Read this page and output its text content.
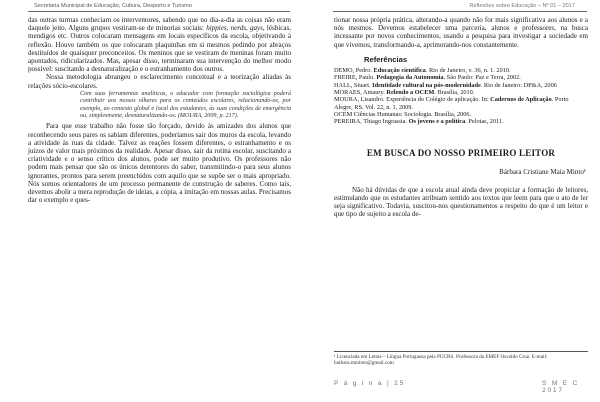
Secretaria Municipal de Educação, Cultura, Desporto e Turismo	Reflexões sobre Educação – Nº 01 – 2017

das outras turmas conheciam os interventores, sabendo que no dia-a-dia as coisas não eram daquele jeito. Alguns grupos vestiram-se de minorias sociais: hippies, nerds, gays, lésbicas, mendigos etc. Outros colocaram mensagens em locais específicos da escola, objetivando à reflexão. Houve também os que colocaram plaquinhas em si mesmos pedindo por abraços destituídos de quaisquer preconceitos. Os meninos que se vestiram de meninas foram muito apontados, ridicularizados. Mas, apesar disso, terminaram sua intervenção do melhor modo possível: suscitando a desnaturalização e o estranhamento dos outros.

Nossa metodologia abrangeu o esclarecimento conceitual e a teorização aliadas às relações sócio-escolares.

Com suas ferramentas analíticas, o educador com formação sociológica poderá contribuir aos nossos olhares para os conteúdos escolares, relacionando-os, por exemplo, ao contexto global e local dos estudantes, às suas condições de emergência ou, simplesmente, desnaturalizando-os. (MOURA, 2009, p. 217).

Para que esse trabalho não fosse tão forçado, devido às amizades dos alunos que reconhecendo seus pares os sabiam diferentes, poderíamos sair dos muros da escola, levando a atividade às ruas da cidade. Talvez as reações fossem diferentes, o estranhamento e os juízos de valor mais próximos da realidade. Apesar disso, sair da rotina escolar, suscitando a criatividade e o senso crítico dos alunos, pode ser muito produtivo. Os professores não podem mais pensar que são os únicos detentores do saber, transmitindo-o para seus alunos ignorantes, prontos para serem preenchidos com aquilo que se supõe ser o mais apropriado. Nós somos orientadores de um processo permanente de construção de saberes. Como tais, devemos abolir a mera reprodução de ideias, a cópia, a imitação em nossas aulas. Precisamos dar o exemplo e ques-

tionar nossa própria prática, alterando-a quando não for mais significativa aos alunos e a nós mesmos. Devemos estabelecer uma parceria, alunos e professores, na busca incessante por novos conhecimentos, usando a pesquisa para investigar a sociedade em que vivemos, transformando-a, aprimorando-nos constantemente.

Referências

DEMO, Pedro. Educação científica. Rio de Janeiro, v. 36, n. 1. 2010.

FREIRE, Paulo. Pedagogia da Autonomia. São Paulo: Paz e Terra, 2002.

HALL, Stuart. Identidade cultural na pós-modernidade. Rio de Janeiro: DP&A, 2006

MORAES, Amaury. Relendo a OCEM. Brasília, 2010.

MOURA, Lisandro. Experiência do Colégio de aplicação. In: Cadernos de Aplicação. Porto Alegre, RS. Vol. 22, n. 1, 2009.

OCEM Ciências Humanas: Sociologia. Brasília, 2006.

PEREIRA, Thiago Ingrassia. Os jovens e a política. Pelotas, 2011.

EM BUSCA DO NOSSO PRIMEIRO LEITOR

Bárbara Cristiane Maia Minto¹

Não há dúvidas de que a escola atual ainda deve propiciar a formação de leitores, estimulando que os estudantes atribuam sentido aos textos que leem para que o ato de ler seja significativo. Todavia, suscitou-nos questionamentos a respeito do que é um leitor e que tipo de sujeito a escola de-

¹ Licenciada em Letras – Língua Portuguesa pela PUCRS. Professora da EMEF Osvaldo Cruz. E-mail: barbara.mminto@gmail.com
P á g i n a | 25	S M E C 2017
